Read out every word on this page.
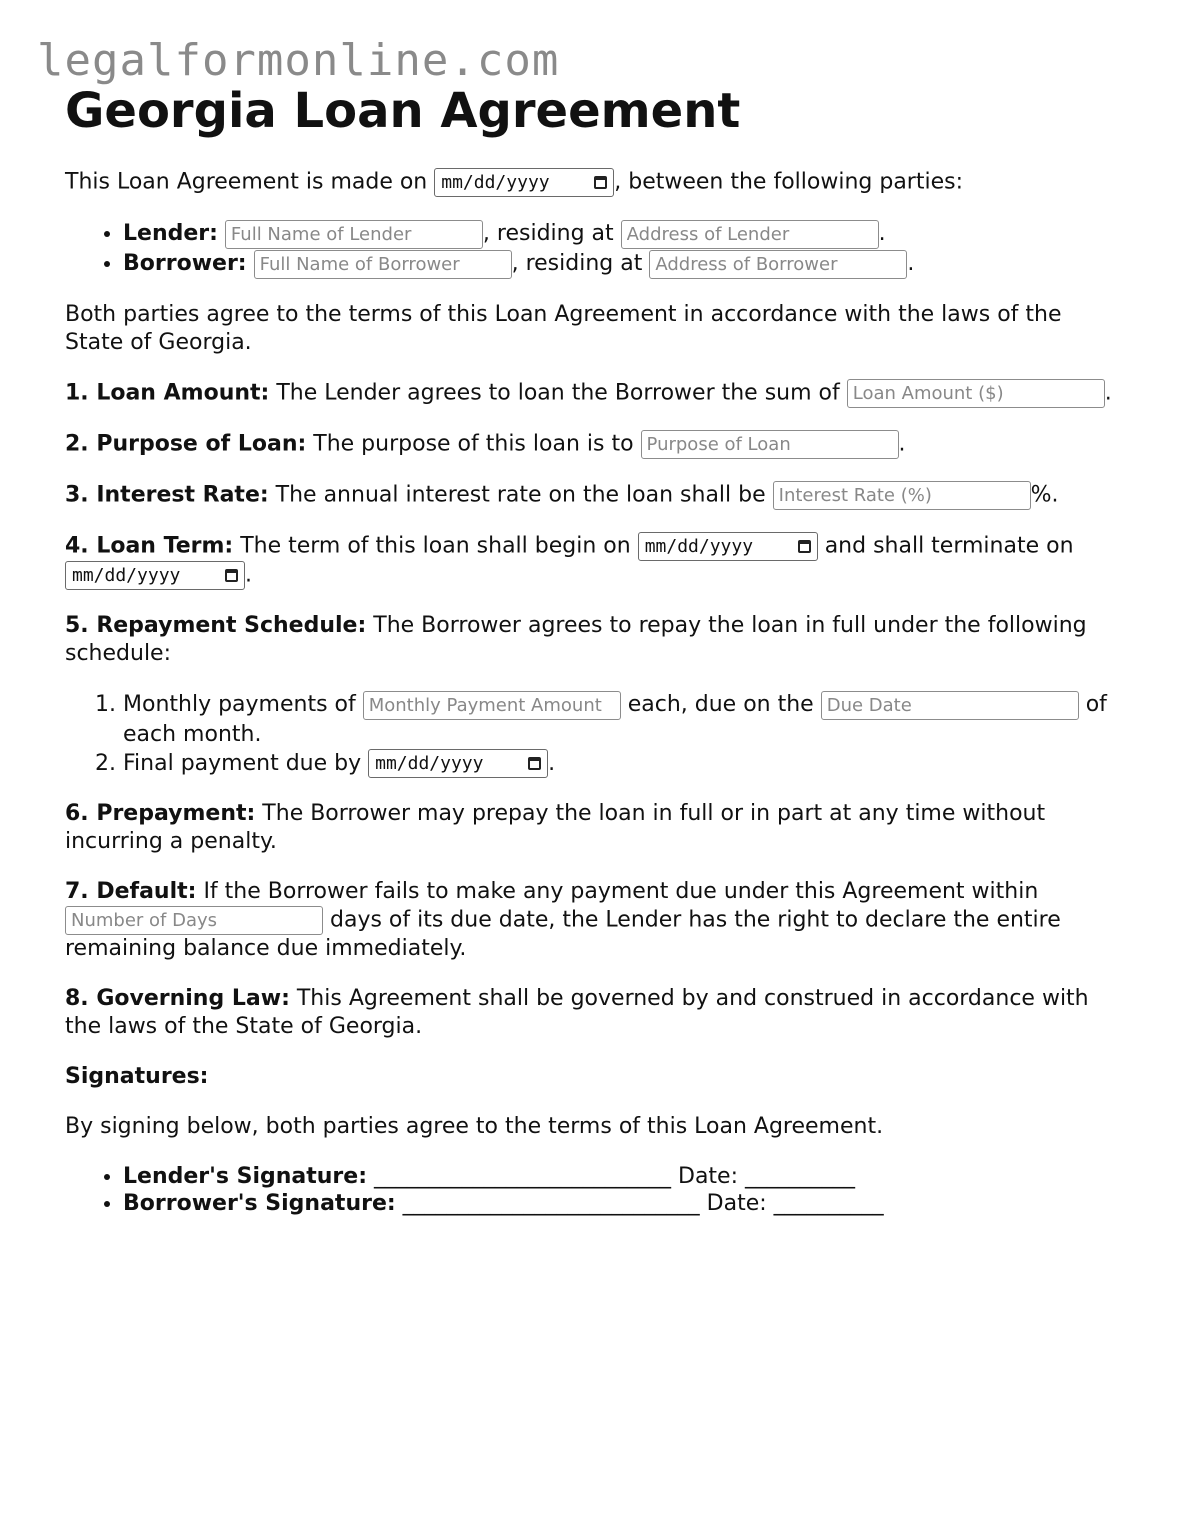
legalformonline.com
Georgia Loan Agreement

This Loan Agreement is made on mm/dd/yyyy	, between the following parties:

• Lender: Full Name of Lender	, residing at Address of Lender	.
• Borrower: Full Name of Borrower	, residing at Address of Borrower	.

Both parties agree to the terms of this Loan Agreement in accordance with the laws of the State of Georgia.

1. Loan Amount: The Lender agrees to loan the Borrower the sum of Loan Amount ($)	.

2. Purpose of Loan: The purpose of this loan is to Purpose of Loan	.

3. Interest Rate: The annual interest rate on the loan shall be Interest Rate (%)	%.

4. Loan Term: The term of this loan shall begin on mm/dd/yyyy	and shall terminate on
mm/dd/yyyy	.

5. Repayment Schedule: The Borrower agrees to repay the loan in full under the following schedule:

1. Monthly payments of Monthly Payment Amount	each, due on the Due Date	of each month.
2. Final payment due by mm/dd/yyyy	.

6. Prepayment: The Borrower may prepay the loan in full or in part at any time without incurring a penalty.

7. Default: If the Borrower fails to make any payment due under this Agreement within Number of Days days of its due date, the Lender has the right to declare the entire remaining balance due immediately.

8. Governing Law: This Agreement shall be governed by and construed in accordance with the laws of the State of Georgia.

Signatures:

By signing below, both parties agree to the terms of this Loan Agreement.

• Lender's Signature: ___________________________ Date: __________
• Borrower's Signature: ___________________________ Date: __________
